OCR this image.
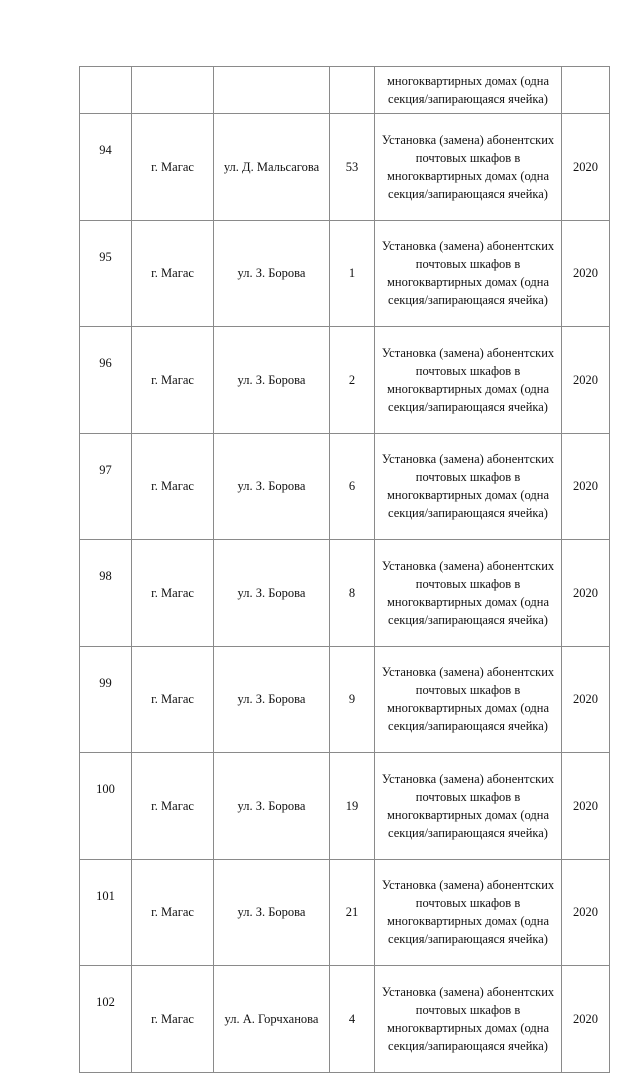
				многоквартирных домах (одна секция/запирающаяся ячейка)	
94	г. Магас	ул. Д. Мальсагова	53	Установка (замена) абонентских почтовых шкафов в многоквартирных домах (одна секция/запирающаяся ячейка)	2020
95	г. Магас	ул. З. Борова	1	Установка (замена) абонентских почтовых шкафов в многоквартирных домах (одна секция/запирающаяся ячейка)	2020
96	г. Магас	ул. З. Борова	2	Установка (замена) абонентских почтовых шкафов в многоквартирных домах (одна секция/запирающаяся ячейка)	2020
97	г. Магас	ул. З. Борова	6	Установка (замена) абонентских почтовых шкафов в многоквартирных домах (одна секция/запирающаяся ячейка)	2020
98	г. Магас	ул. З. Борова	8	Установка (замена) абонентских почтовых шкафов в многоквартирных домах (одна секция/запирающаяся ячейка)	2020
99	г. Магас	ул. З. Борова	9	Установка (замена) абонентских почтовых шкафов в многоквартирных домах (одна секция/запирающаяся ячейка)	2020
100	г. Магас	ул. З. Борова	19	Установка (замена) абонентских почтовых шкафов в многоквартирных домах (одна секция/запирающаяся ячейка)	2020
101	г. Магас	ул. З. Борова	21	Установка (замена) абонентских почтовых шкафов в многоквартирных домах (одна секция/запирающаяся ячейка)	2020
102	г. Магас	ул. А. Горчханова	4	Установка (замена) абонентских почтовых шкафов в многоквартирных домах (одна секция/запирающаяся ячейка)	2020
